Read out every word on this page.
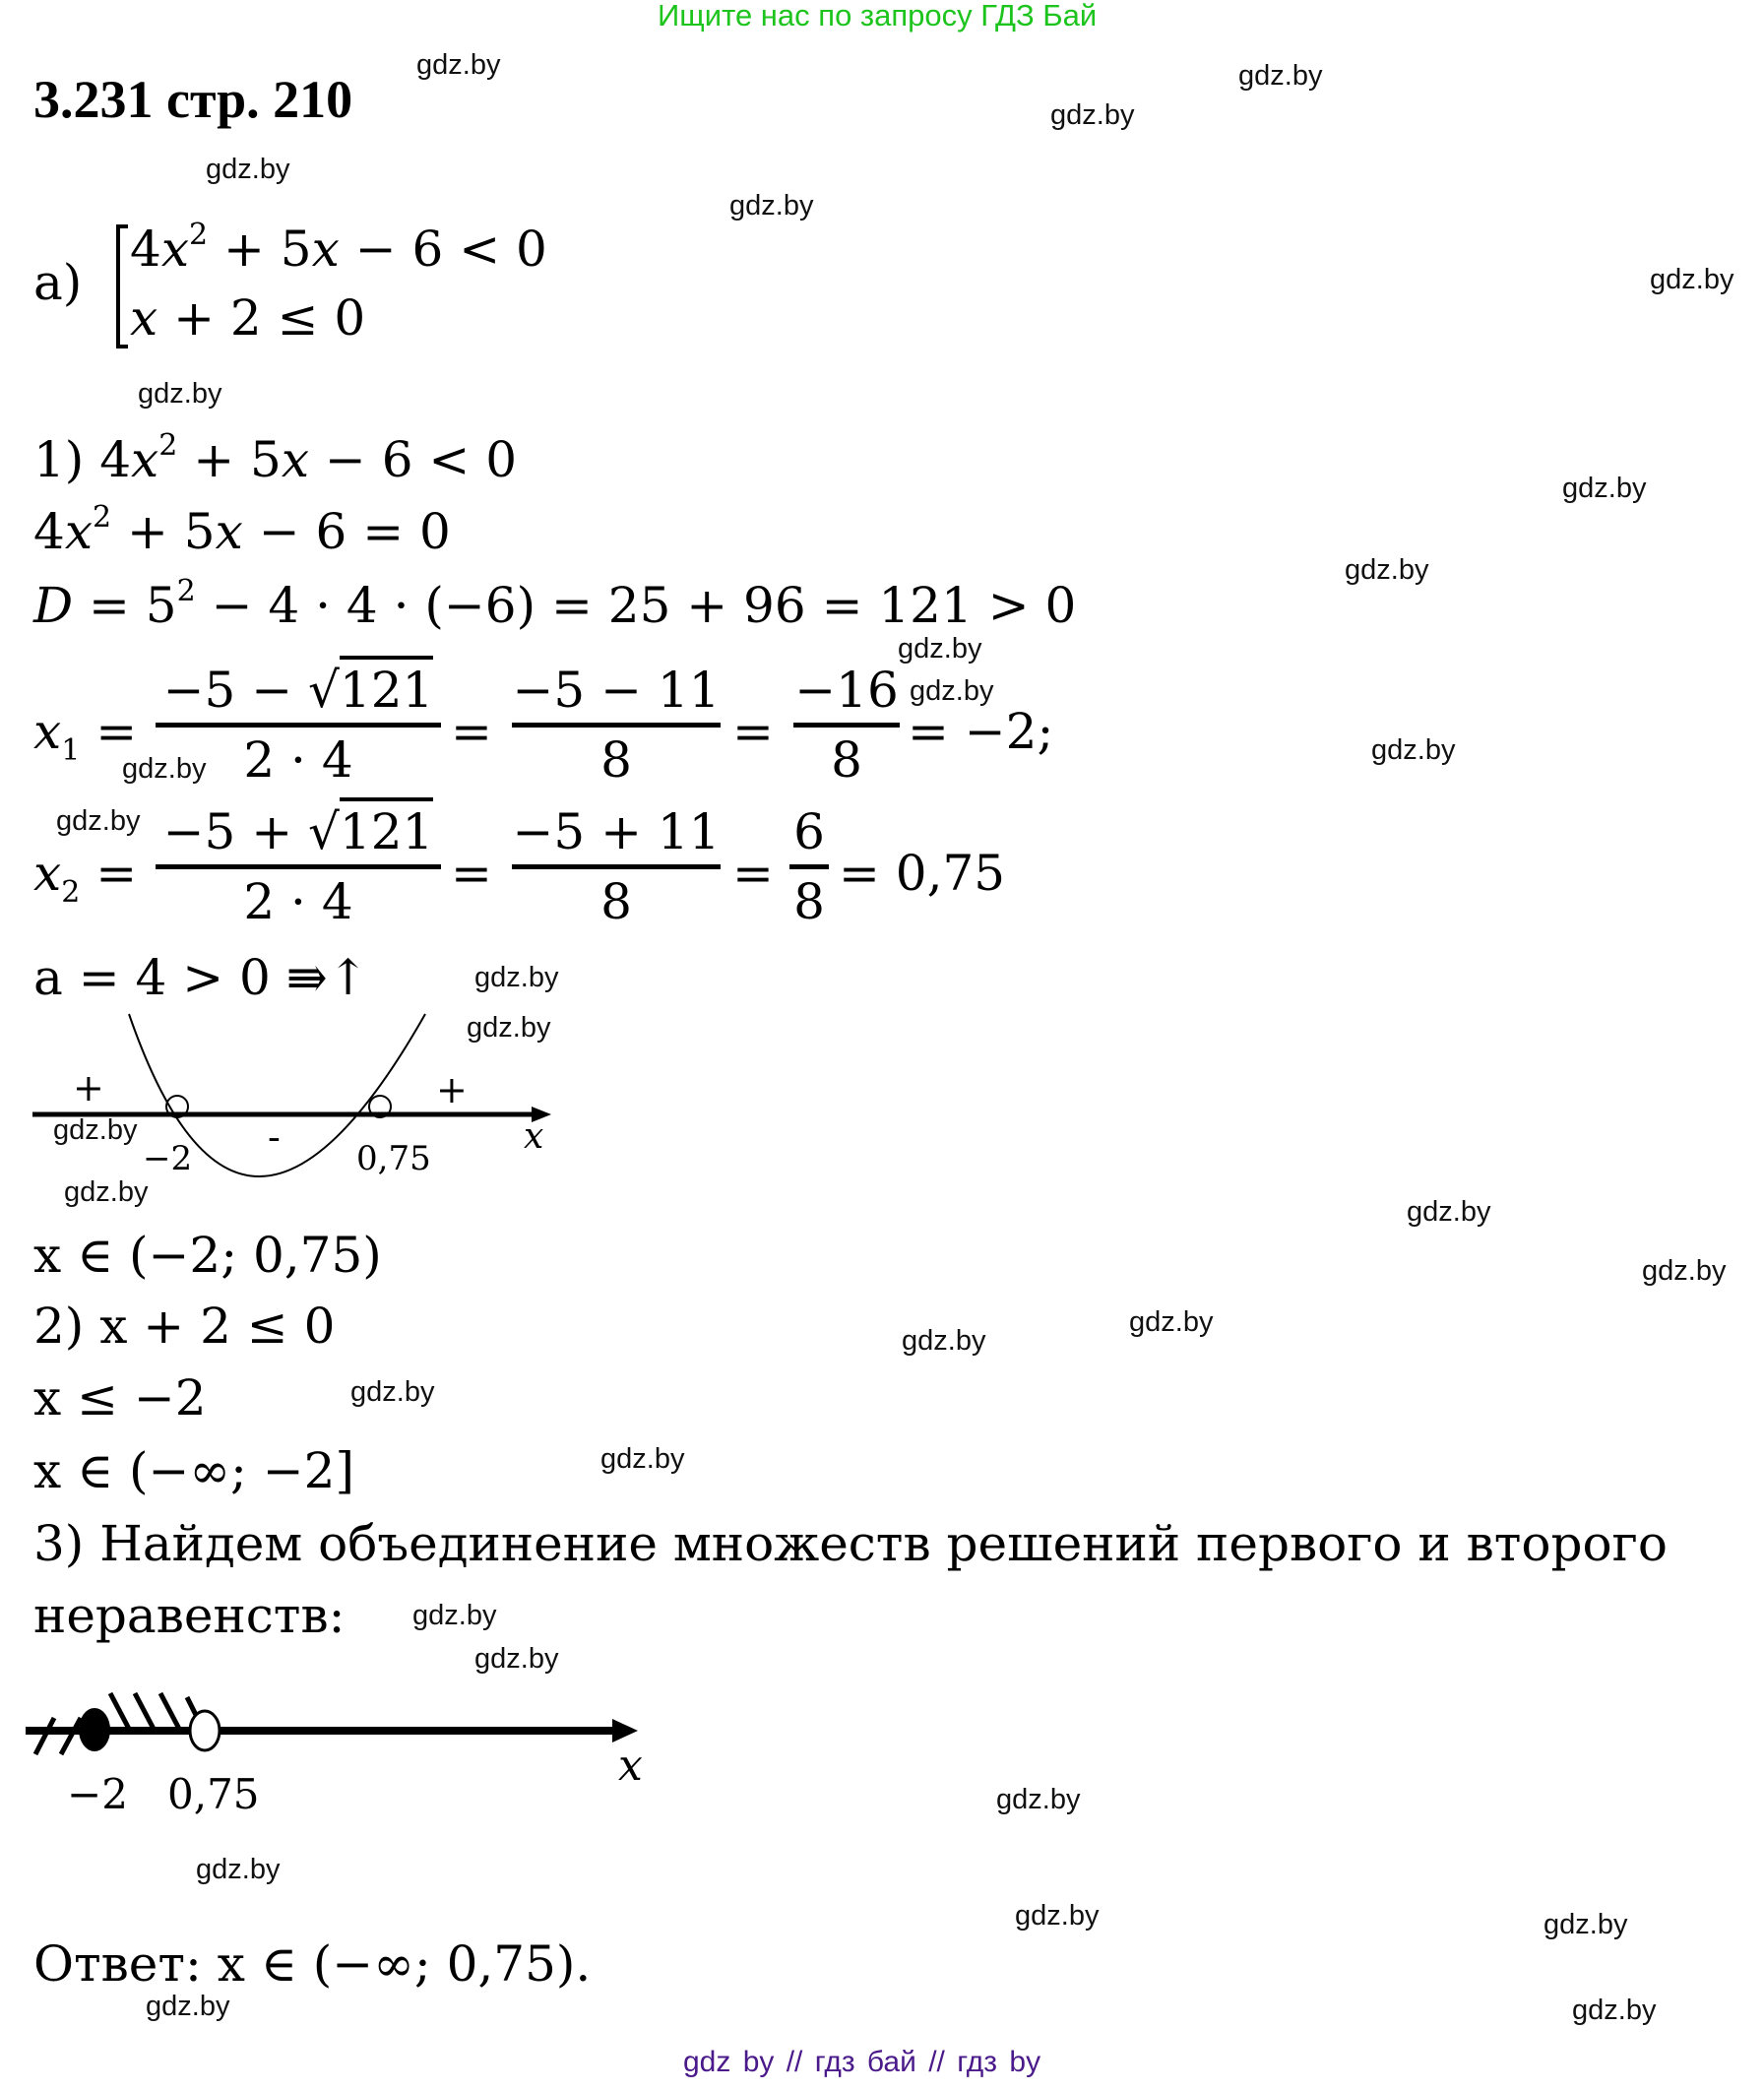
Ищите нас по запросу ГДЗ Бай
gdz by // гдз бай // гдз by
3.231 стр. 210
а)
$4x^2 + 5x - 6 < 0$
x + 2 ≤ 0
1) $4x^2 + 5x - 6 < 0$
$4x^2 + 5x - 6 = 0$
$D = 5^2 - 4 \cdot 4 \cdot (-6) = 25 + 96 = 121 > 0$
$x_1$ =
−5 − √121
2 · 4	=
−5 − 11
8	=
−16
8 = −2;
$x_2$ =
−5 + √121
2 · 4	=
−5 + 11
8	=
6
8 = 0,75
a = 4 > 0 ⇛↑
+
-
+
−2	0,75
x
x ∈ (−2; 0,75)
2) x + 2 ≤ 0
x ≤ −2
x ∈ (−∞; −2]
3) Найдем объединение множеств решений первого и второго
неравенств:
−2 0,75
x
Ответ: x ∈ (−∞; 0,75).
gdz.by	gdz.by
gdz.by
gdz.by
gdz.by
gdz.by
gdz.by
gdz.by
gdz.by
gdz.by
gdz.by
gdz.by
gdz.by
gdz.by
gdz.by
gdz.by
gdz.by
gdz.by
gdz.by
gdz.by
gdz.by
gdz.by
gdz.by
gdz.by
gdz.by
gdz.by
gdz.by
gdz.by
gdz.by	gdz.by
gdz.by	gdz.by
